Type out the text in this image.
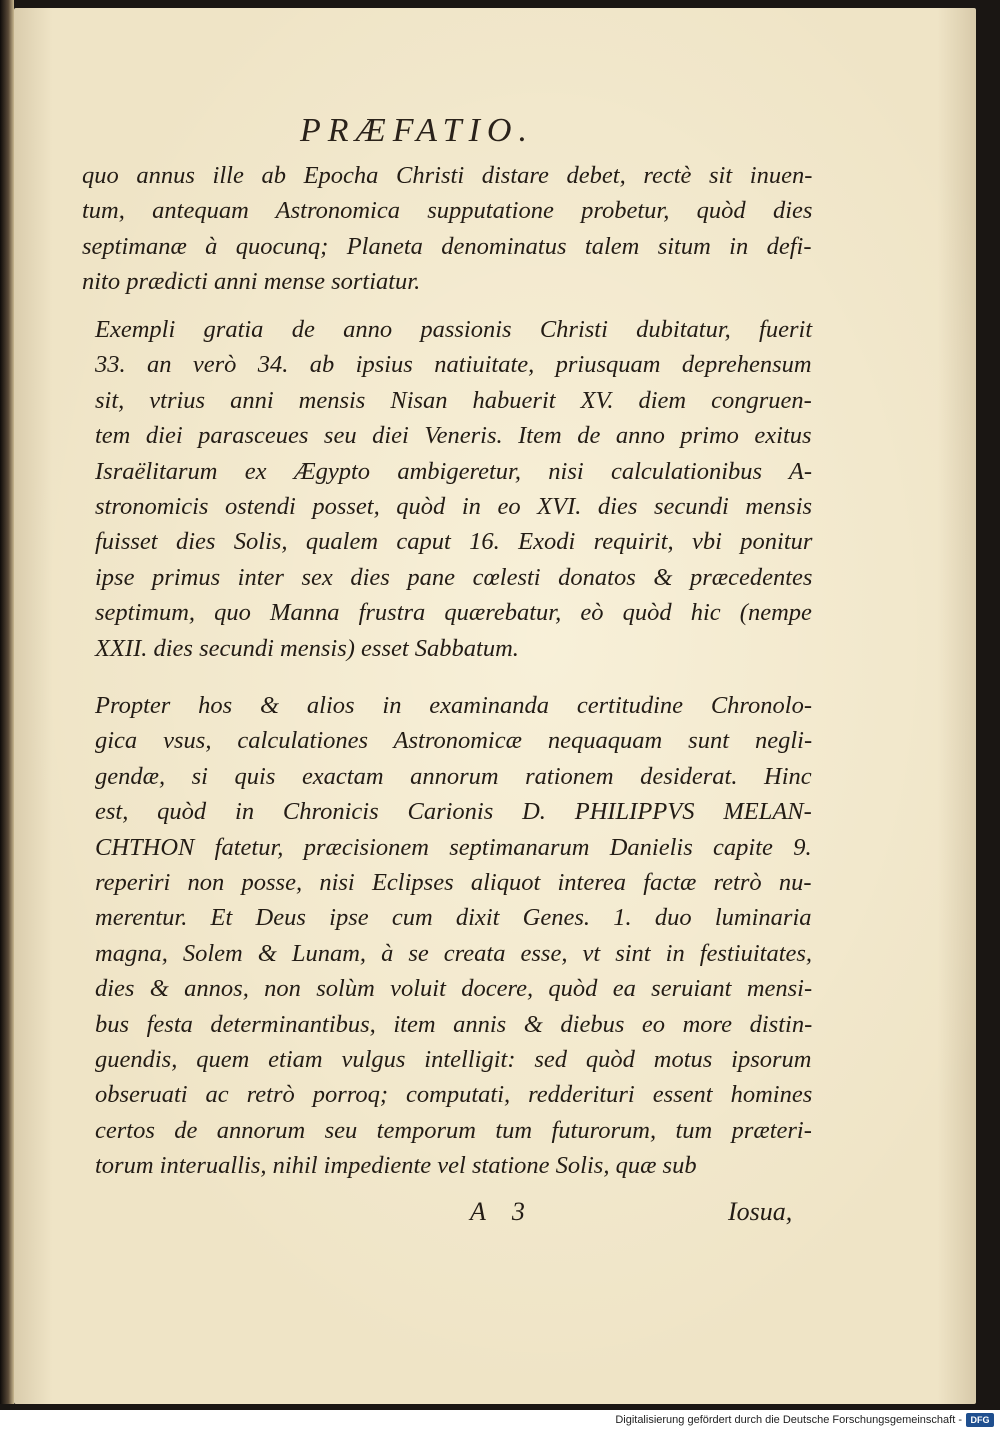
PRÆFATIO.
quo annus ille ab Epocha Christi distare debet, rectè sit inuen-
tum, antequam Astronomica supputatione probetur, quòd dies
septimanæ à quocunq; Planeta denominatus talem situm in defi-
nito prædicti anni mense sortiatur.
Exempli gratia de anno passionis Christi dubitatur, fuerit
33. an verò 34. ab ipsius natiuitate, priusquam deprehensum
sit, vtrius anni mensis Nisan habuerit XV. diem congruen-
tem diei parasceues seu diei Veneris. Item de anno primo exitus
Israëlitarum ex Ægypto ambigeretur, nisi calculationibus A-
stronomicis ostendi posset, quòd in eo XVI. dies secundi mensis
fuisset dies Solis, qualem caput 16. Exodi requirit, vbi ponitur
ipse primus inter sex dies pane cœlesti donatos & præcedentes
septimum, quo Manna frustra quærebatur, eò quòd hic (nempe
XXII. dies secundi mensis) esset Sabbatum.
Propter hos & alios in examinanda certitudine Chronolo-
gica vsus, calculationes Astronomicæ nequaquam sunt negli-
gendæ, si quis exactam annorum rationem desiderat. Hinc
est, quòd in Chronicis Carionis D. PHILIPPVS MELAN-
CHTHON fatetur, præcisionem septimanarum Danielis capite 9.
reperiri non posse, nisi Eclipses aliquot interea factæ retrò nu-
merentur. Et Deus ipse cum dixit Genes. 1. duo luminaria
magna, Solem & Lunam, à se creata esse, vt sint in festiuitates,
dies & annos, non solùm voluit docere, quòd ea seruiant mensi-
bus festa determinantibus, item annis & diebus eo more distin-
guendis, quem etiam vulgus intelligit: sed quòd motus ipsorum
obseruati ac retrò porroq; computati, redderituri essent homines
certos de annorum seu temporum tum futurorum, tum præteri-
torum interuallis, nihil impediente vel statione Solis, quæ sub
A 3	Iosua,
Digitalisierung gefördert durch die Deutsche Forschungsgemeinschaft - DFG
